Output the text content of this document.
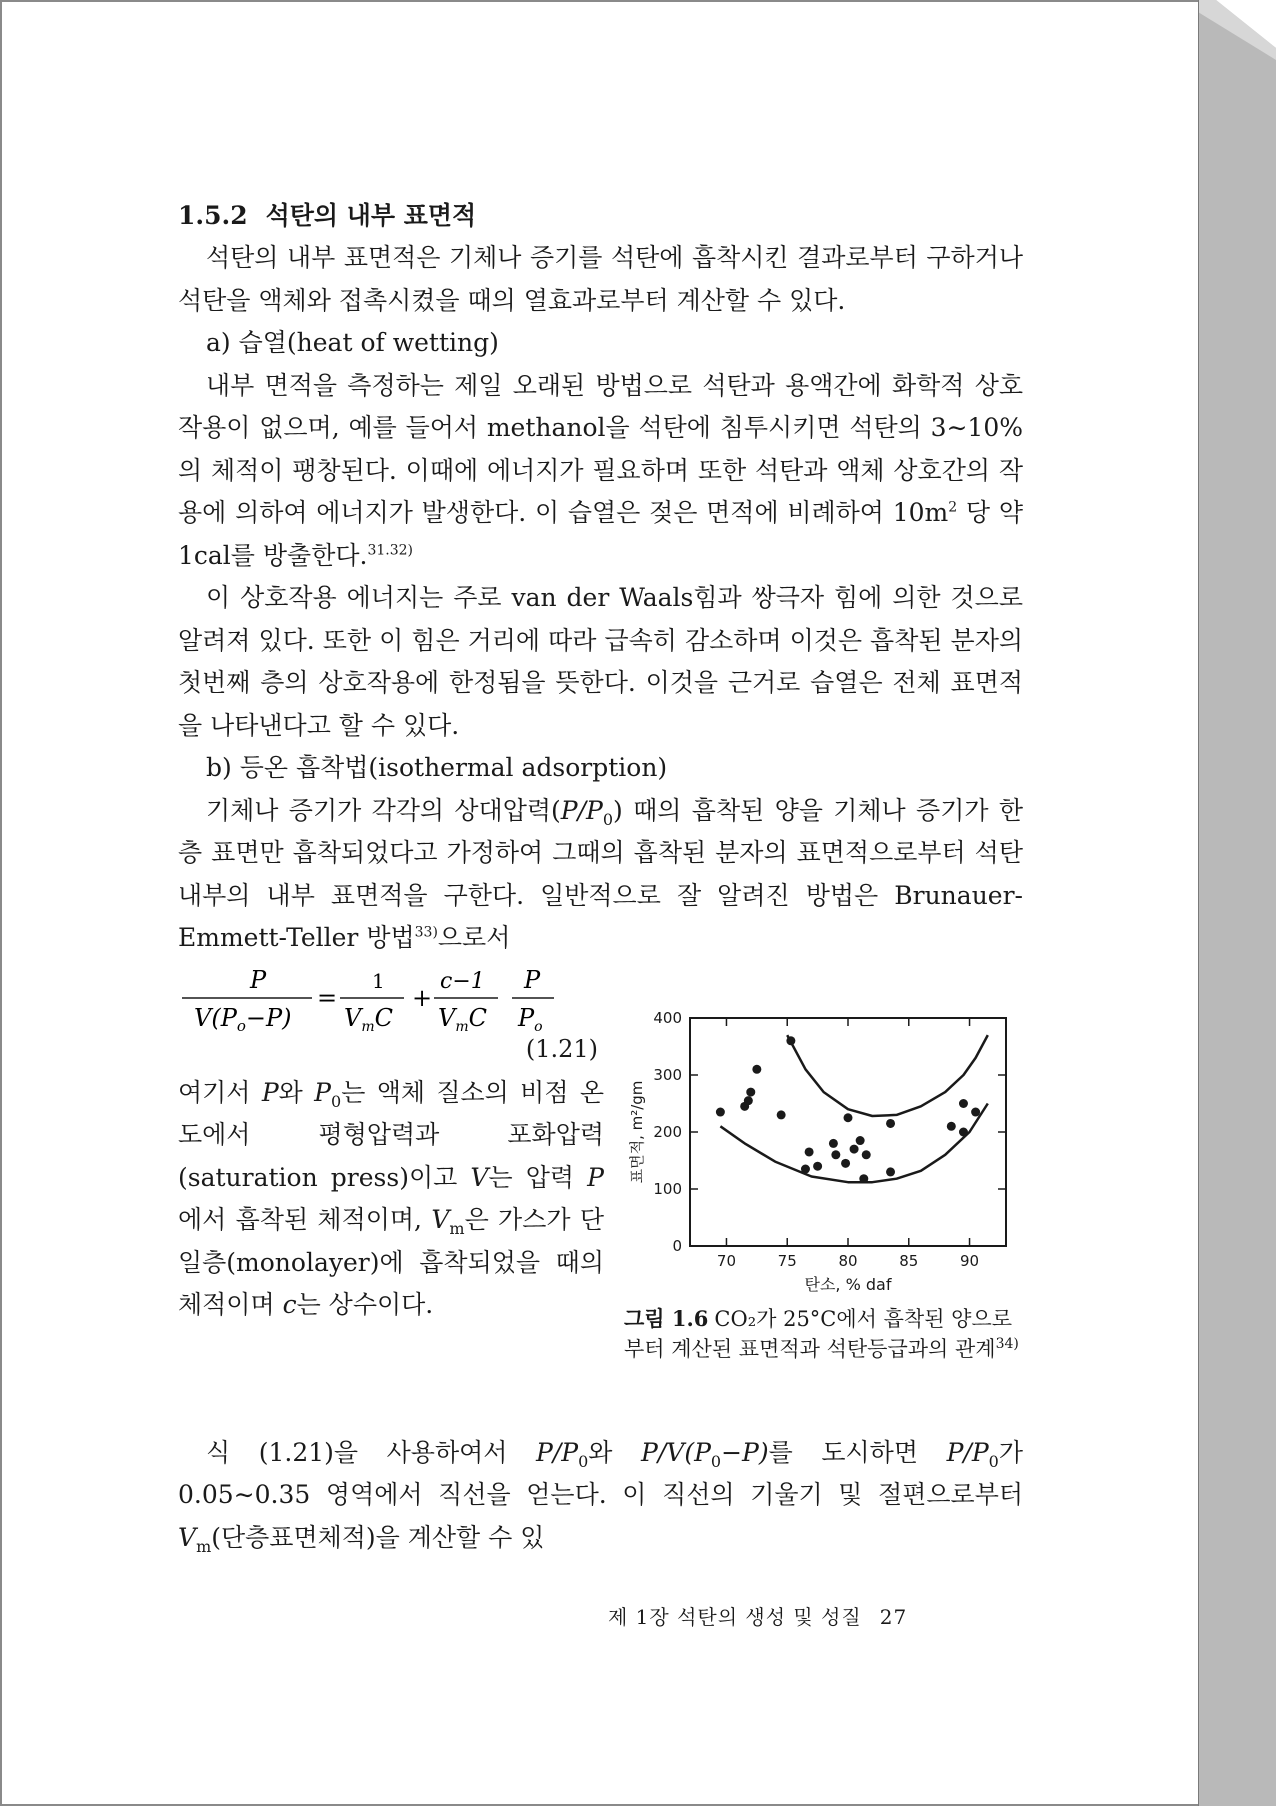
1.5.2 석탄의 내부 표면적

석탄의 내부 표면적은 기체나 증기를 석탄에 흡착시킨 결과로부터 구하거나 석탄을 액체와 접촉시켰을 때의 열효과로부터 계산할 수 있다.

a) 습열(heat of wetting)

내부 면적을 측정하는 제일 오래된 방법으로 석탄과 용액간에 화학적 상호작용이 없으며, 예를 들어서 methanol을 석탄에 침투시키면 석탄의 3∼10%의 체적이 팽창된다. 이때에 에너지가 필요하며 또한 석탄과 액체 상호간의 작용에 의하여 에너지가 발생한다. 이 습열은 젖은 면적에 비례하여 $10m^2$ 당 약 1cal를 방출한다.$^{31.32)}$

이 상호작용 에너지는 주로 van der Waals힘과 쌍극자 힘에 의한 것으로 알려져 있다. 또한 이 힘은 거리에 따라 급속히 감소하며 이것은 흡착된 분자의 첫번째 층의 상호작용에 한정됨을 뜻한다. 이것을 근거로 습열은 전체 표면적을 나타낸다고 할 수 있다.

b) 등온 흡착법(isothermal adsorption)

기체나 증기가 각각의 상대압력$(P/P_0)$ 때의 흡착된 양을 기체나 증기가 한 층 표면만 흡착되었다고 가정하여 그때의 흡착된 분자의 표면적으로부터 석탄 내부의 내부 표면적을 구한다. 일반적으로 잘 알려진 방법은 Brunauer-Emmett-Teller 방법$^{33)}$으로서

P
$V(P_o-P)$
=
1
$V_mC$
+
c−1
$V_mC$
P
$P_o$
(1.21)

여기서 P와 $P_0$는 액체 질소의 비점 온도에서 평형압력과 포화압력(saturation press)이고 V는 압력 P에서 흡착된 체적이며, $V_m$은 가스가 단일층(monolayer)에 흡착되었을 때의 체적이며 c는 상수이다.

0
100
200
300
400
70	75	80	85	90
탄소, % daf
표면적, m²/gm
그림 1.6 CO₂가 25°C에서 흡착된 양으로부터 계산된 표면적과 석탄등급과의 관계$^{34)}$

식 (1.21)을 사용하여서 $P/P_0$와 $P/V(P_0-P)$를 도시하면 $P/P_0$가 0.05∼0.35 영역에서 직선을 얻는다. 이 직선의 기울기 및 절편으로부터 $V_m$(단층표면체적)을 계산할 수 있

제 1장 석탄의 생성 및 성질 27
